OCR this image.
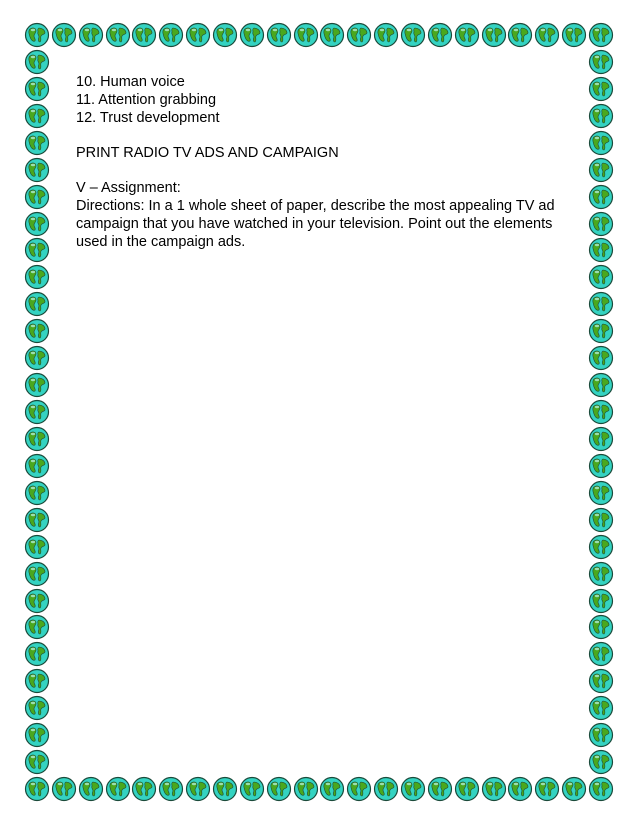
10. Human voice

11. Attention grabbing

12. Trust development

PRINT RADIO TV ADS AND CAMPAIGN

V – Assignment:

Directions: In a 1 whole sheet of paper, describe the most appealing TV ad

campaign that you have watched in your television. Point out the elements

used in the campaign ads.
